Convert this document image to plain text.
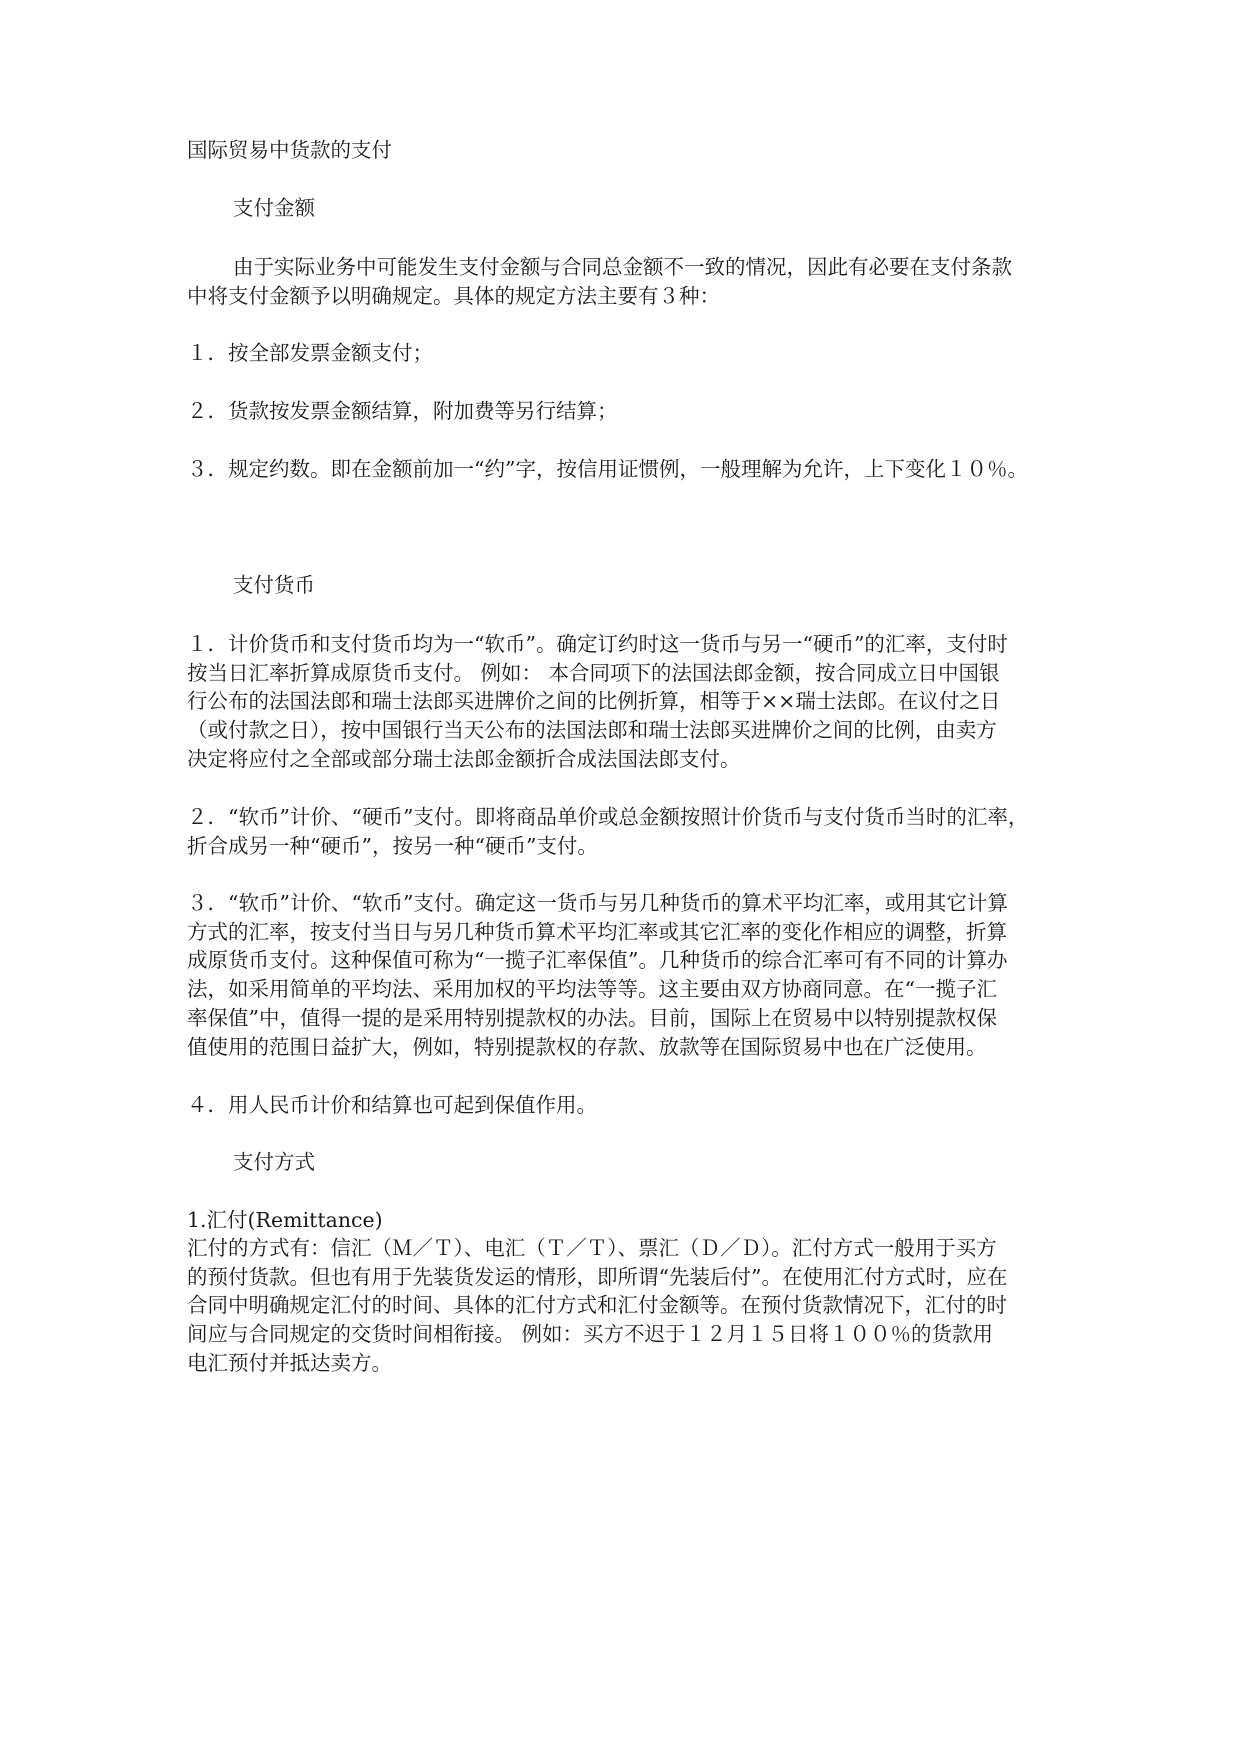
国际贸易中货款的支付
支付金额
由于实际业务中可能发生支付金额与合同总金额不一致的情况，因此有必要在支付条款
中将支付金额予以明确规定。具体的规定方法主要有３种：
１．按全部发票金额支付；
２．货款按发票金额结算，附加费等另行结算；
３．规定约数。即在金额前加一“约”字，按信用证惯例，一般理解为允许，上下变化１０％。
支付货币
１．计价货币和支付货币均为一“软币”。确定订约时这一货币与另一“硬币”的汇率，支付时
按当日汇率折算成原货币支付。 例如： 本合同项下的法国法郎金额，按合同成立日中国银
行公布的法国法郎和瑞士法郎买进牌价之间的比例折算，相等于××瑞士法郎。在议付之日
（或付款之日），按中国银行当天公布的法国法郎和瑞士法郎买进牌价之间的比例，由卖方
决定将应付之全部或部分瑞士法郎金额折合成法国法郎支付。
２．“软币”计价、“硬币”支付。即将商品单价或总金额按照计价货币与支付货币当时的汇率，
折合成另一种“硬币”，按另一种“硬币”支付。
３．“软币”计价、“软币”支付。确定这一货币与另几种货币的算术平均汇率，或用其它计算
方式的汇率，按支付当日与另几种货币算术平均汇率或其它汇率的变化作相应的调整，折算
成原货币支付。这种保值可称为“一揽子汇率保值”。几种货币的综合汇率可有不同的计算办
法，如采用简单的平均法、采用加权的平均法等等。这主要由双方协商同意。在“一揽子汇
率保值”中，值得一提的是采用特别提款权的办法。目前，国际上在贸易中以特别提款权保
值使用的范围日益扩大，例如，特别提款权的存款、放款等在国际贸易中也在广泛使用。
４．用人民币计价和结算也可起到保值作用。
支付方式
1.汇付(Remittance)
汇付的方式有：信汇（Ｍ／Ｔ）、电汇（Ｔ／Ｔ）、票汇（Ｄ／Ｄ）。汇付方式一般用于买方
的预付货款。但也有用于先装货发运的情形，即所谓“先装后付”。在使用汇付方式时，应在
合同中明确规定汇付的时间、具体的汇付方式和汇付金额等。在预付货款情况下，汇付的时
间应与合同规定的交货时间相衔接。 例如：买方不迟于１２月１５日将１００％的货款用
电汇预付并抵达卖方。
